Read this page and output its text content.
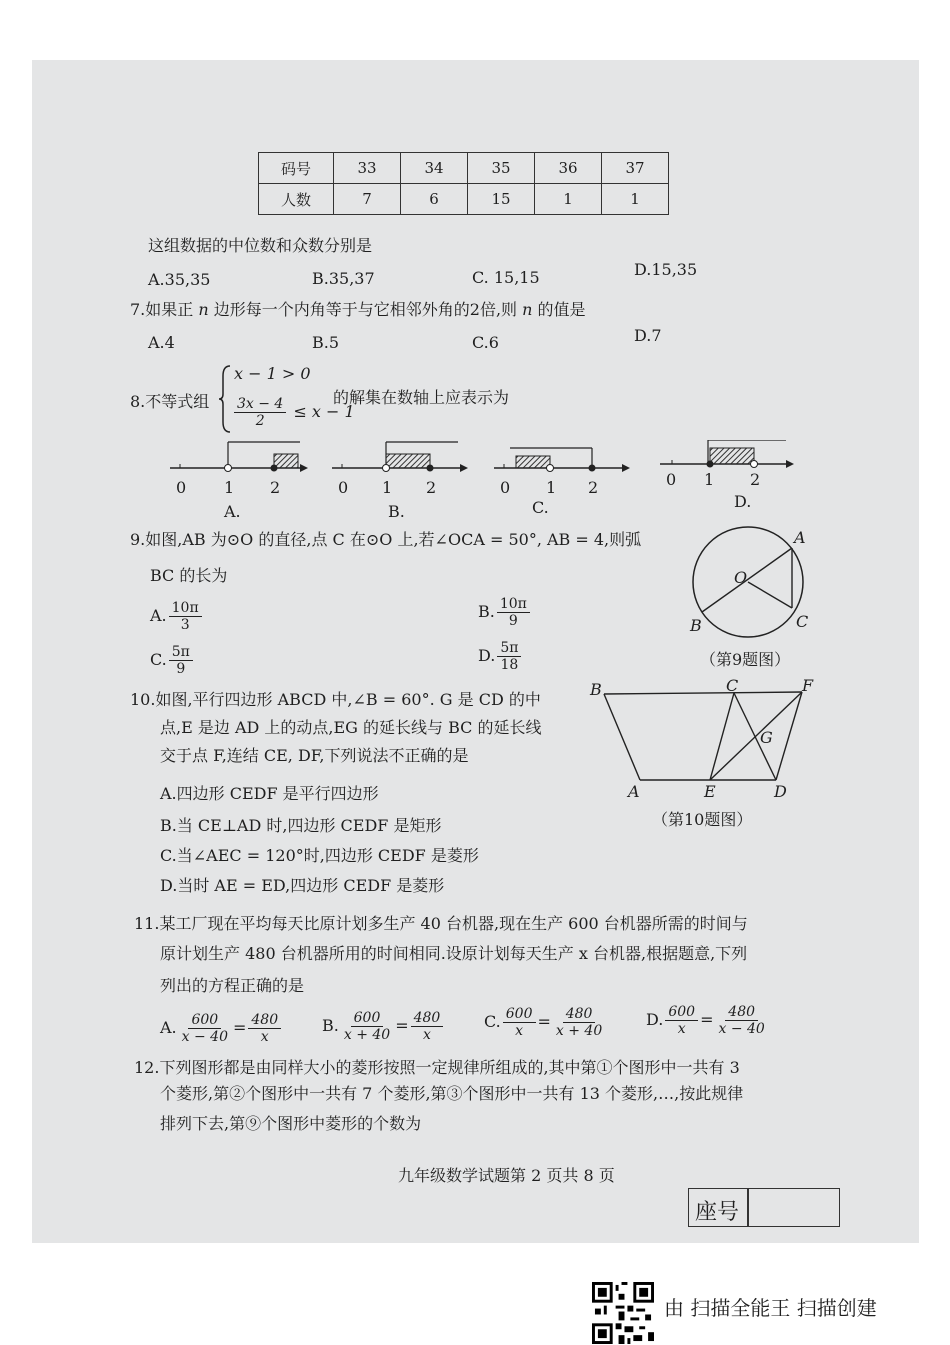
码号	33	34	35	36	37
人数	7	6	15	1	1
这组数据的中位数和众数分别是
A.35,35	B.35,37	C. 15,15	D.15,35
7.如果正 n 边形每一个内角等于与它相邻外角的2倍,则 n 的值是
A.4	B.5	C.6	D.7
8.不等式组
x − 1 > 0
$\frac{3x - 4}{2} \le x - 1$
的解集在数轴上应表示为
0 1 2
A.
0 1 2
B.
0 1 2
C.
0 1 2
D.
9.如图,AB 为⊙O 的直径,点 C 在⊙O 上,若∠OCA = 50°, AB = 4,则弧
BC 的长为
A. $\frac{10\pi}{3}$	B. $\frac{10\pi}{9}$
C. $\frac{5\pi}{9}$	D. $\frac{5\pi}{18}$
A
O
B	C
（第9题图）
10.如图,平行四边形 ABCD 中,∠B = 60°. G 是 CD 的中
点,E 是边 AD 上的动点,EG 的延长线与 BC 的延长线
交于点 F,连结 CE, DF,下列说法不正确的是
A.四边形 CEDF 是平行四边形
B.当 CE⊥AD 时,四边形 CEDF 是矩形
C.当∠AEC = 120°时,四边形 CEDF 是菱形
D.当时 AE = ED,四边形 CEDF 是菱形
B	C	F
G
A	E	D
（第10题图）
11.某工厂现在平均每天比原计划多生产 40 台机器,现在生产 600 台机器所需的时间与
原计划生产 480 台机器所用的时间相同.设原计划每天生产 x 台机器,根据题意,下列
列出的方程正确的是
A. $\frac{600}{x - 40} = \frac{480}{x}$	B. $\frac{600}{x + 40} = \frac{480}{x}$	C. $\frac{600}{x} = \frac{480}{x + 40}$	D. $\frac{600}{x} = \frac{480}{x - 40}$
12.下列图形都是由同样大小的菱形按照一定规律所组成的,其中第①个图形中一共有 3
个菱形,第②个图形中一共有 7 个菱形,第③个图形中一共有 13 个菱形,…,按此规律
排列下去,第⑨个图形中菱形的个数为
九年级数学试题第 2 页共 8 页
座号
由 扫描全能王 扫描创建
